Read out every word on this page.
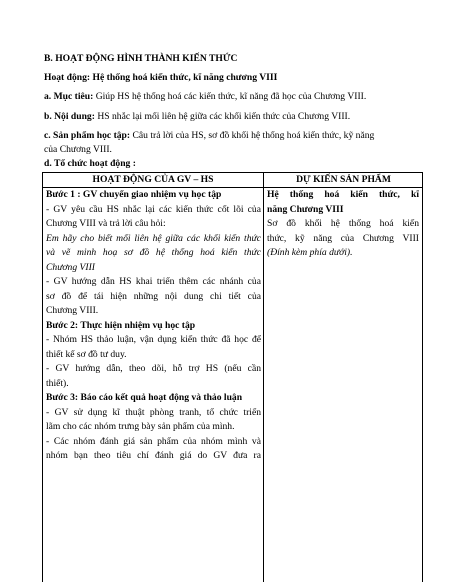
B. HOẠT ĐỘNG HÌNH THÀNH KIẾN THỨC
Hoạt động: Hệ thống hoá kiến thức, kĩ năng chương VIII
a. Mục tiêu: Giúp HS hệ thống hoá các kiến thức, kĩ năng đã học của Chương VIII.
b. Nội dung: HS nhắc lại mối liên hệ giữa các khối kiến thức của Chương VIII.
c. Sản phẩm học tập: Câu trả lời của HS, sơ đồ khối hệ thống hoá kiến thức, kỹ năng
của Chương VIII.
d. Tổ chức hoạt động :
HOẠT ĐỘNG CỦA GV – HS	DỰ KIẾN SẢN PHẨM
Bước 1 : GV chuyển giao nhiệm vụ học tập
- GV yêu cầu HS nhắc lại các kiến thức cốt lõi của
Chương VIII và trả lời câu hỏi:
Em hãy cho biết mối liên hệ giữa các khối kiến thức
và vẽ minh hoạ sơ đồ hệ thống hoá kiến thức
Chương VIII
- GV hướng dẫn HS khai triển thêm các nhánh của
sơ đồ để tái hiện những nội dung chi tiết của
Chương VIII.
Bước 2: Thực hiện nhiệm vụ học tập
- Nhóm HS thảo luận, vận dụng kiến thức đã học để
thiết kế sơ đồ tư duy.
- GV hướng dẫn, theo dõi, hỗ trợ HS (nếu cần
thiết).
Bước 3: Báo cáo kết quả hoạt động và thảo luận
- GV sử dụng kĩ thuật phòng tranh, tổ chức triển
lãm cho các nhóm trưng bày sản phẩm của mình.
- Các nhóm đánh giá sản phẩm của nhóm mình và
nhóm bạn theo tiêu chí đánh giá do GV đưa ra
Hệ thống hoá kiến thức, kĩ
năng Chương VIII
Sơ đồ khối hệ thống hoá kiến
thức, kỹ năng của Chương VIII
(Đính kèm phía dưới).
